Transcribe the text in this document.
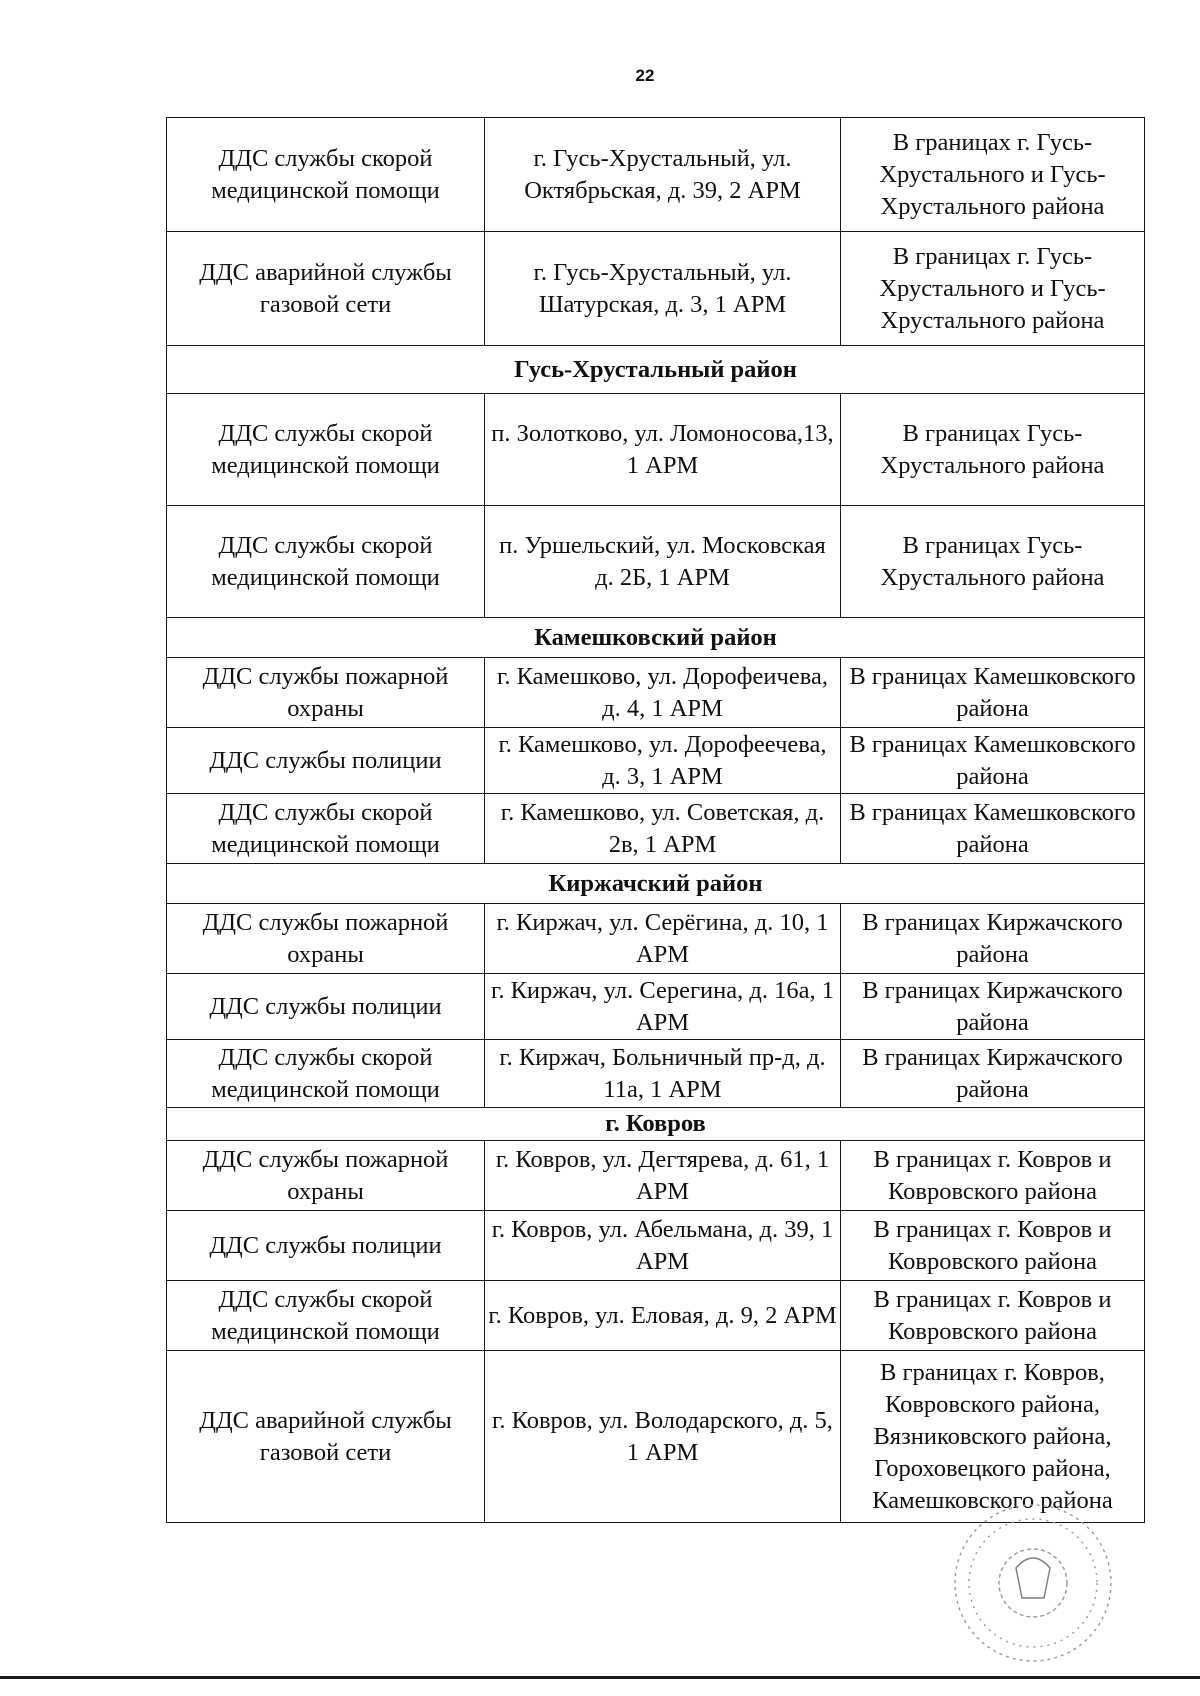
22
ДДС службы скорой медицинской помощи	г. Гусь-Хрустальный, ул. Октябрьская, д. 39, 2 АРМ	В границах г. Гусь-Хрустального и Гусь-Хрустального района
ДДС аварийной службы газовой сети	г. Гусь-Хрустальный, ул. Шатурская, д. 3, 1 АРМ	В границах г. Гусь-Хрустального и Гусь-Хрустального района
Гусь-Хрустальный район		
ДДС службы скорой медицинской помощи	п. Золотково, ул. Ломоносова,13, 1 АРМ	В границах Гусь-Хрустального района
ДДС службы скорой медицинской помощи	п. Уршельский, ул. Московская д. 2Б, 1 АРМ	В границах Гусь-Хрустального района
Камешковский район		
ДДС службы пожарной охраны	г. Камешково, ул. Дорофеичева, д. 4, 1 АРМ	В границах Камешковского района
ДДС службы полиции	г. Камешково, ул. Дорофеечева, д. 3, 1 АРМ	В границах Камешковского района
ДДС службы скорой медицинской помощи	г. Камешково, ул. Советская, д. 2в, 1 АРМ	В границах Камешковского района
Киржачский район		
ДДС службы пожарной охраны	г. Киржач, ул. Серёгина, д. 10, 1 АРМ	В границах Киржачского района
ДДС службы полиции	г. Киржач, ул. Серегина, д. 16а, 1 АРМ	В границах Киржачского района
ДДС службы скорой медицинской помощи	г. Киржач, Больничный пр-д, д. 11а, 1 АРМ	В границах Киржачского района
г. Ковров		
ДДС службы пожарной охраны	г. Ковров, ул. Дегтярева, д. 61, 1 АРМ	В границах г. Ковров и Ковровского района
ДДС службы полиции	г. Ковров, ул. Абельмана, д. 39, 1 АРМ	В границах г. Ковров и Ковровского района
ДДС службы скорой медицинской помощи	г. Ковров, ул. Еловая, д. 9, 2 АРМ	В границах г. Ковров и Ковровского района
ДДС аварийной службы газовой сети	г. Ковров, ул. Володарского, д. 5, 1 АРМ	В границах г. Ковров, Ковровского района, Вязниковского района, Гороховецкого района, Камешковского района
